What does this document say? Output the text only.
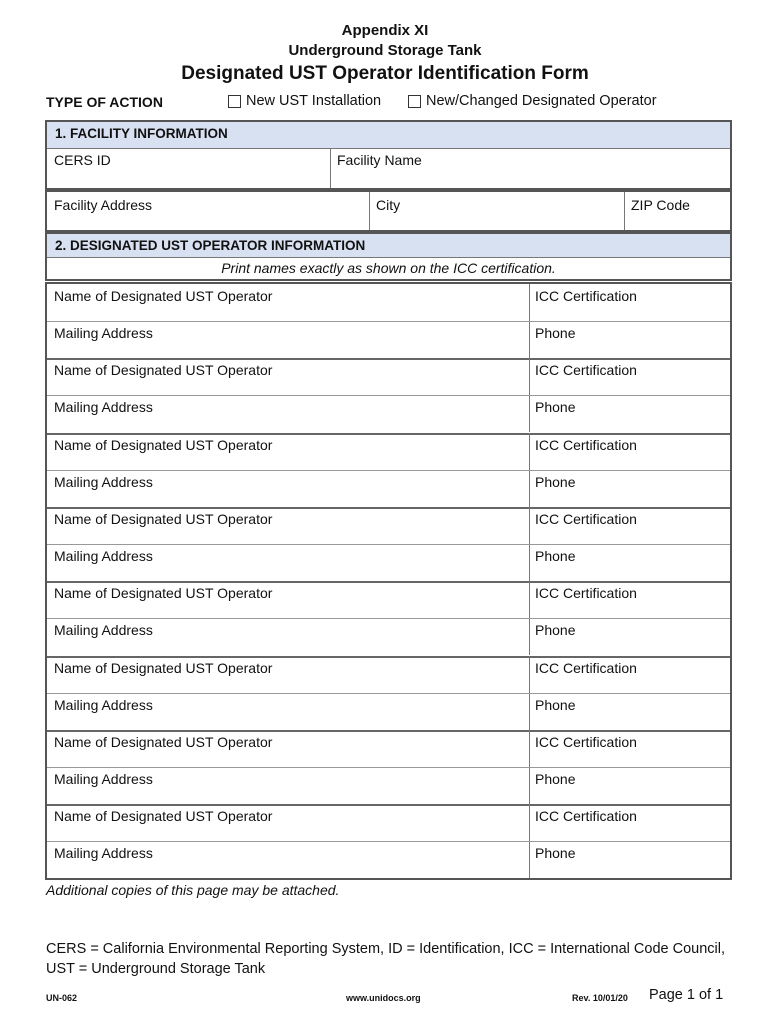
Appendix XI
Underground Storage Tank
Designated UST Operator Identification Form
TYPE OF ACTION	New UST Installation	New/Changed Designated Operator
1. FACILITY INFORMATION
CERS ID	Facility Name
Facility Address	City	ZIP Code
2. DESIGNATED UST OPERATOR INFORMATION
Print names exactly as shown on the ICC certification.
Name of Designated UST Operator	ICC Certification
Mailing Address	Phone
Name of Designated UST Operator	ICC Certification
Mailing Address	Phone
Name of Designated UST Operator	ICC Certification
Mailing Address	Phone
Name of Designated UST Operator	ICC Certification
Mailing Address	Phone
Name of Designated UST Operator	ICC Certification
Mailing Address	Phone
Name of Designated UST Operator	ICC Certification
Mailing Address	Phone
Name of Designated UST Operator	ICC Certification
Mailing Address	Phone
Name of Designated UST Operator	ICC Certification
Mailing Address	Phone
Additional copies of this page may be attached.
CERS = California Environmental Reporting System, ID = Identification, ICC = International Code Council, UST = Underground Storage Tank
UN-062	www.unidocs.org	Rev. 10/01/20 Page 1 of 1
